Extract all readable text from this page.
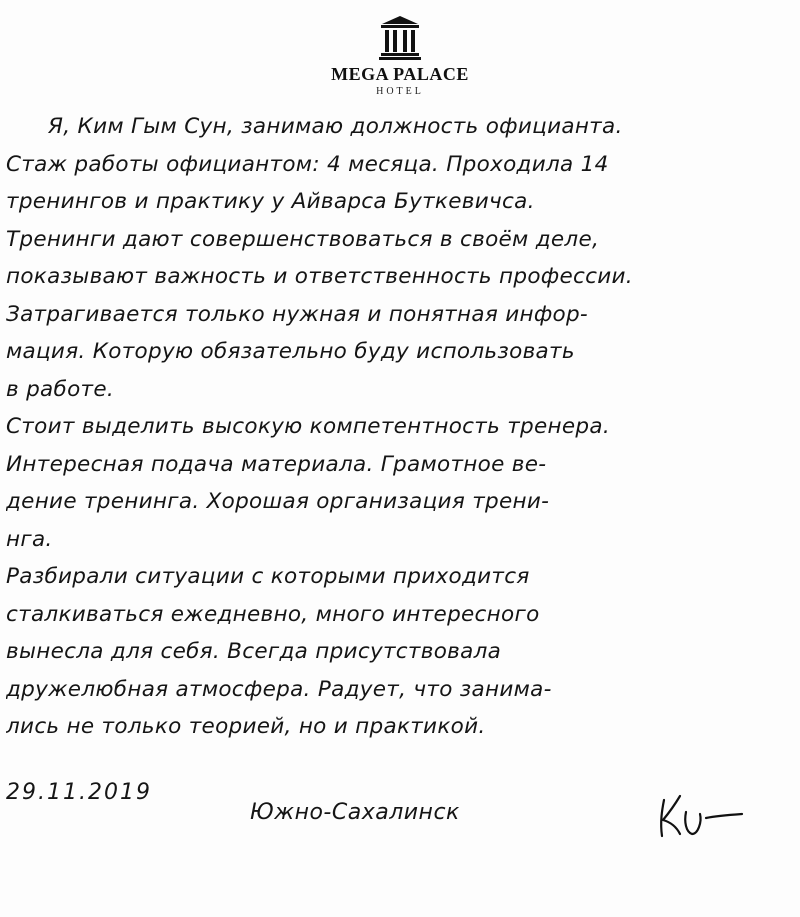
MEGA PALACE
HOTEL
Я, Ким Гым Сун, занимаю должность официанта.
Стаж работы официантом: 4 месяца. Проходила 14
тренингов и практику у Айварса Буткевичса.
Тренинги дают совершенствоваться в своём деле,
показывают важность и ответственность профессии.
Затрагивается только нужная и понятная инфор-
мация. Которую обязательно буду использовать
в работе.
Стоит выделить высокую компетентность тренера.
Интересная подача материала. Грамотное ве-
дение тренинга. Хорошая организация трени-
нга.
Разбирали ситуации с которыми приходится
сталкиваться ежедневно, много интересного
вынесла для себя. Всегда присутствовала
дружелюбная атмосфера. Радует, что занима-
лись не только теорией, но и практикой.
29.11.2019
Южно-Сахалинск
